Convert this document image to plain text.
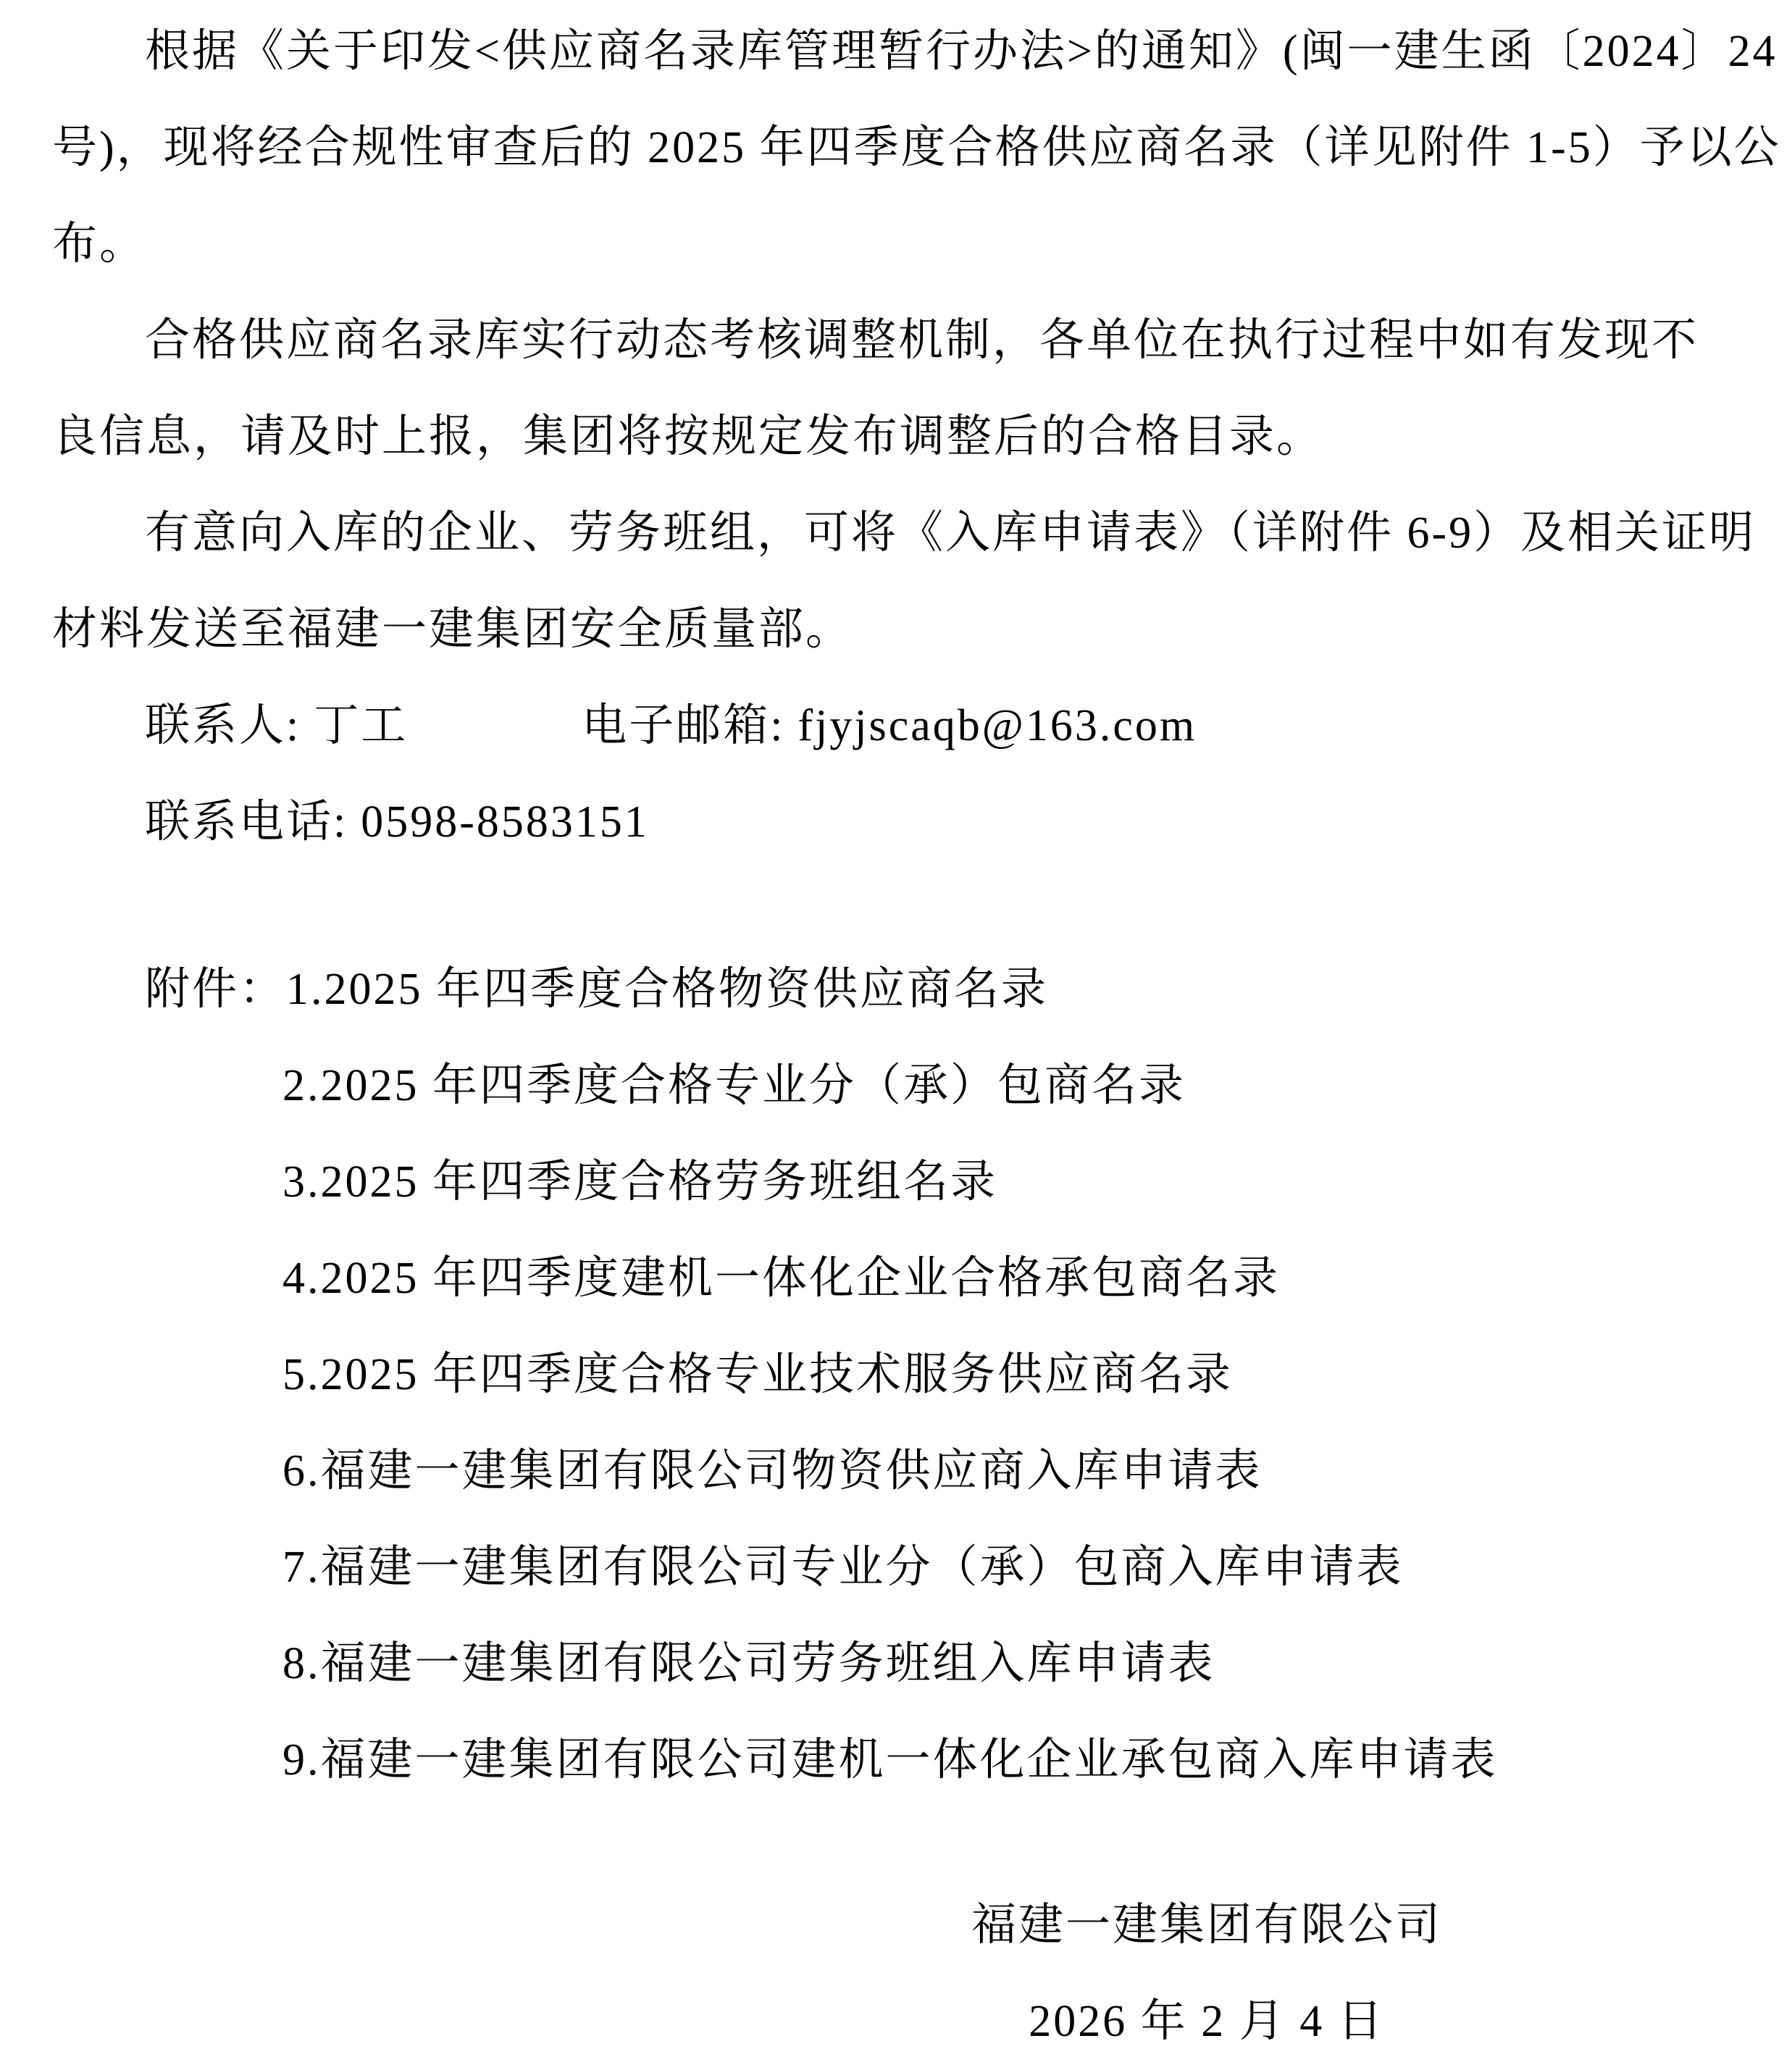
根据《关于印发<供应商名录库管理暂行办法>的通知》(闽一建生函〔2024〕24
号)，现将经合规性审查后的 2025 年四季度合格供应商名录（详见附件 1-5）予以公
布。
合格供应商名录库实行动态考核调整机制，各单位在执行过程中如有发现不
良信息，请及时上报，集团将按规定发布调整后的合格目录。
有意向入库的企业、劳务班组，可将《入库申请表》（详附件 6-9）及相关证明
材料发送至福建一建集团安全质量部。
联系人: 丁工	电子邮箱: fjyjscaqb@163.com
联系电话: 0598-8583151
附件：1.2025 年四季度合格物资供应商名录
2.2025 年四季度合格专业分（承）包商名录
3.2025 年四季度合格劳务班组名录
4.2025 年四季度建机一体化企业合格承包商名录
5.2025 年四季度合格专业技术服务供应商名录
6.福建一建集团有限公司物资供应商入库申请表
7.福建一建集团有限公司专业分（承）包商入库申请表
8.福建一建集团有限公司劳务班组入库申请表
9.福建一建集团有限公司建机一体化企业承包商入库申请表
福建一建集团有限公司
2026 年 2 月 4 日
